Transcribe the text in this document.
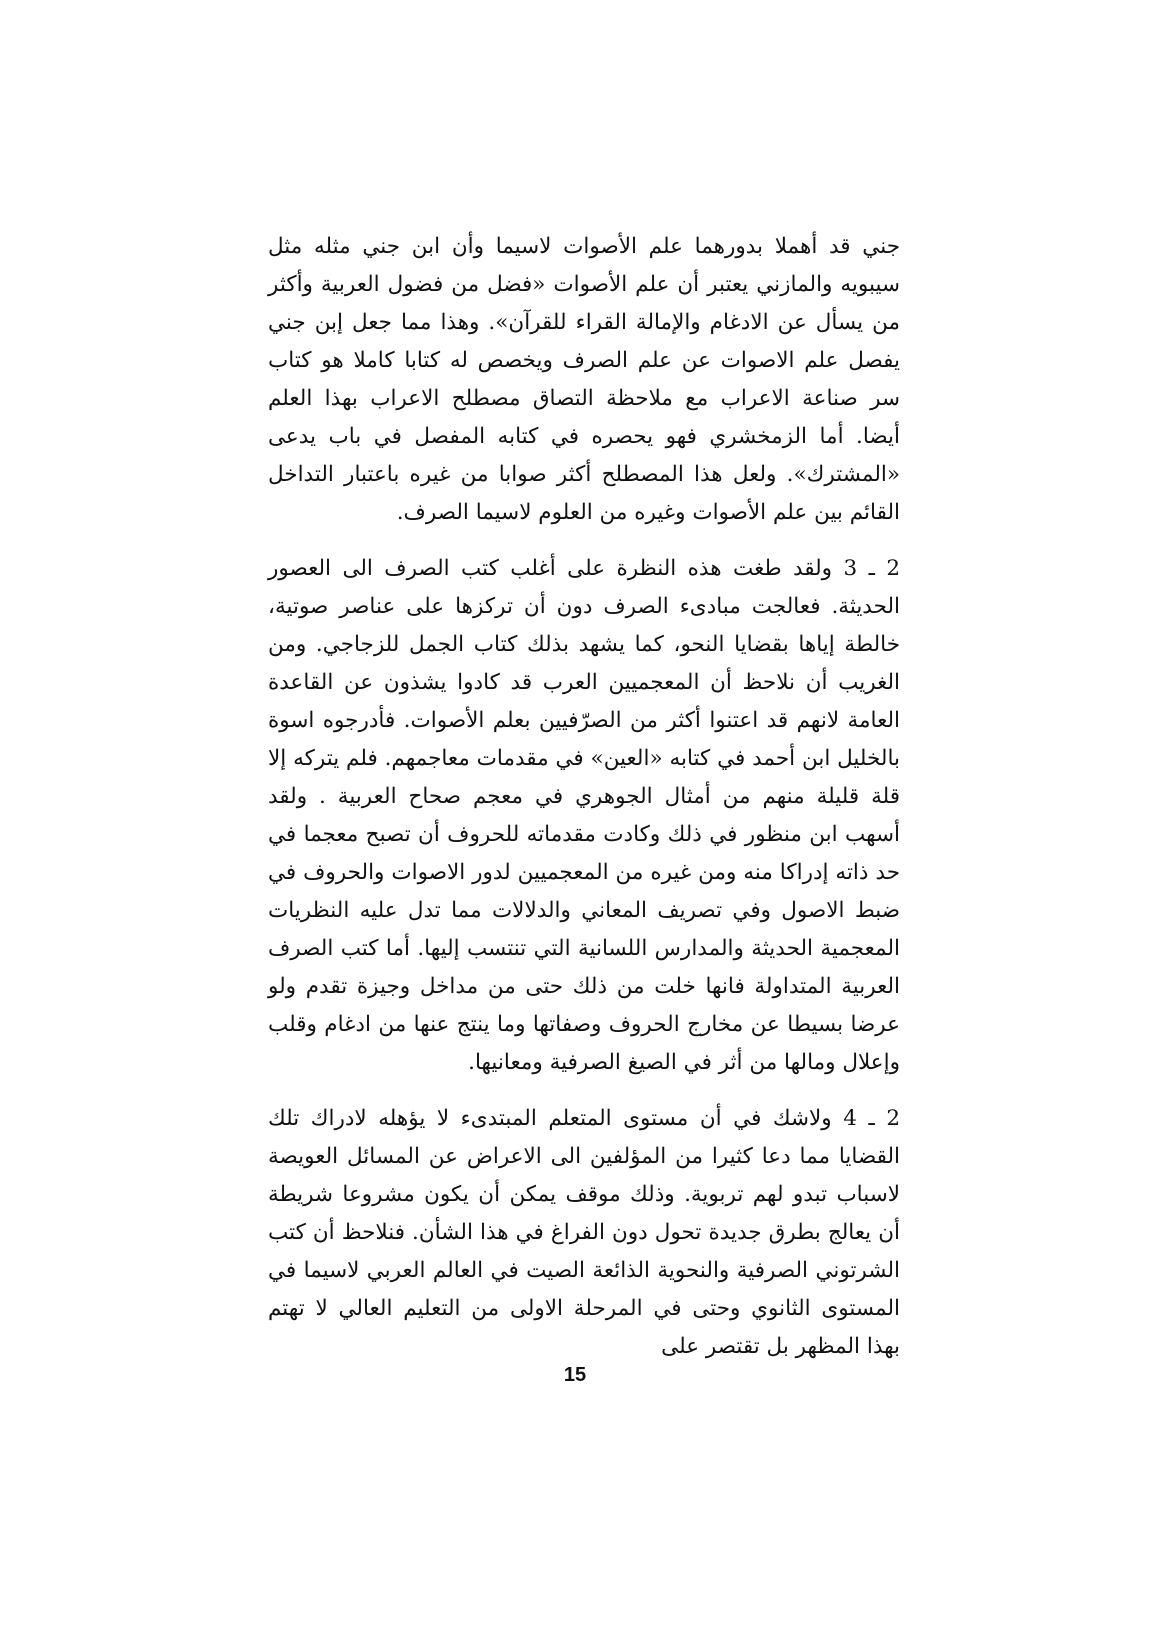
جني قد أهملا بدورهما علم الأصوات لاسيما وأن ابن جني مثله مثل سيبويه والمازني يعتبر أن علم الأصوات «فضل من فضول العربية وأكثر من يسأل عن الادغام والإمالة القراء للقرآن». وهذا مما جعل إبن جني يفصل علم الاصوات عن علم الصرف ويخصص له كتابا كاملا هو كتاب سر صناعة الاعراب مع ملاحظة التصاق مصطلح الاعراب بهذا العلم أيضا. أما الزمخشري فهو يحصره في كتابه المفصل في باب يدعى «المشترك». ولعل هذا المصطلح أكثر صوابا من غيره باعتبار التداخل القائم بين علم الأصوات وغيره من العلوم لاسيما الصرف.

2 ـ 3 ولقد طغت هذه النظرة على أغلب كتب الصرف الى العصور الحديثة. فعالجت مبادىء الصرف دون أن تركزها على عناصر صوتية، خالطة إياها بقضايا النحو، كما يشهد بذلك كتاب الجمل للزجاجي. ومن الغريب أن نلاحظ أن المعجميين العرب قد كادوا يشذون عن القاعدة العامة لانهم قد اعتنوا أكثر من الصرّفيين بعلم الأصوات. فأدرجوه اسوة بالخليل ابن أحمد في كتابه «العين» في مقدمات معاجمهم. فلم يتركه إلا قلة قليلة منهم من أمثال الجوهري في معجم صحاح العربية . ولقد أسهب ابن منظور في ذلك وكادت مقدماته للحروف أن تصبح معجما في حد ذاته إدراكا منه ومن غيره من المعجميين لدور الاصوات والحروف في ضبط الاصول وفي تصريف المعاني والدلالات مما تدل عليه النظريات المعجمية الحديثة والمدارس اللسانية التي تنتسب إليها. أما كتب الصرف العربية المتداولة فانها خلت من ذلك حتى من مداخل وجيزة تقدم ولو عرضا بسيطا عن مخارج الحروف وصفاتها وما ينتج عنها من ادغام وقلب وإعلال ومالها من أثر في الصيغ الصرفية ومعانيها.

2 ـ 4 ولاشك في أن مستوى المتعلم المبتدىء لا يؤهله لادراك تلك القضايا مما دعا كثيرا من المؤلفين الى الاعراض عن المسائل العويصة لاسباب تبدو لهم تربوية. وذلك موقف يمكن أن يكون مشروعا شريطة أن يعالج بطرق جديدة تحول دون الفراغ في هذا الشأن. فنلاحظ أن كتب الشرتوني الصرفية والنحوية الذائعة الصيت في العالم العربي لاسيما في المستوى الثانوي وحتى في المرحلة الاولى من التعليم العالي لا تهتم بهذا المظهر بل تقتصر على

15
